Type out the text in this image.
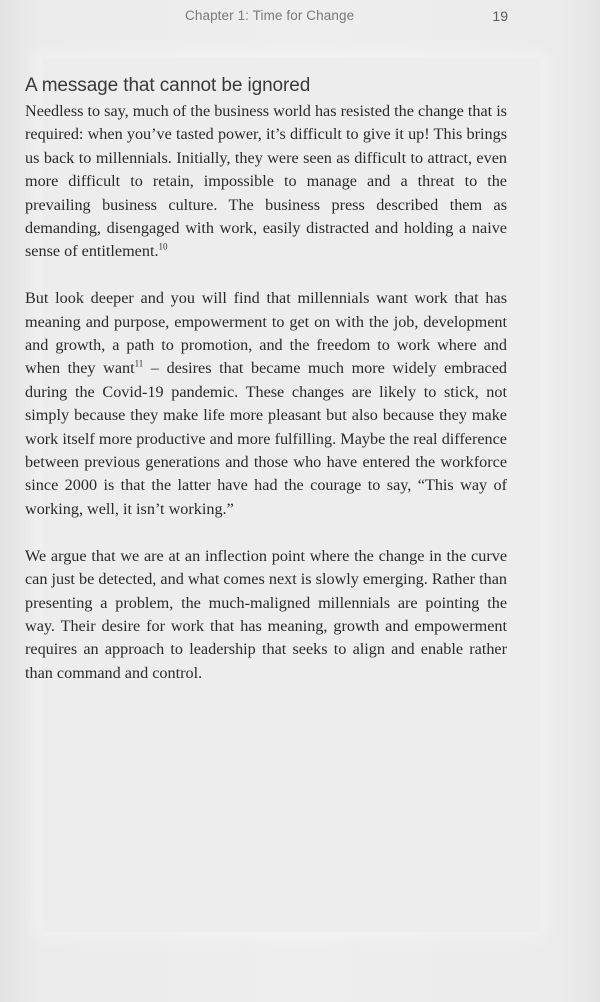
Chapter 1: Time for Change	19
A message that cannot be ignored

Needless to say, much of the business world has resisted the change that is required: when you’ve tasted power, it’s difficult to give it up! This brings us back to millennials. Initially, they were seen as difficult to attract, even more difficult to retain, impossible to manage and a threat to the prevailing business culture. The business press described them as demanding, disengaged with work, easily distracted and holding a naive sense of entitlement.$^{10}$

But look deeper and you will find that millennials want work that has meaning and purpose, empowerment to get on with the job, development and growth, a path to promotion, and the freedom to work where and when they want$^{11}$ – desires that became much more widely embraced during the Covid-19 pandemic. These changes are likely to stick, not simply because they make life more pleasant but also because they make work itself more productive and more fulfilling. Maybe the real difference between previous generations and those who have entered the workforce since 2000 is that the latter have had the courage to say, “This way of working, well, it isn’t working.”

We argue that we are at an inflection point where the change in the curve can just be detected, and what comes next is slowly emerging. Rather than presenting a problem, the much-maligned millennials are pointing the way. Their desire for work that has meaning, growth and empowerment requires an approach to leadership that seeks to align and enable rather than command and control.
